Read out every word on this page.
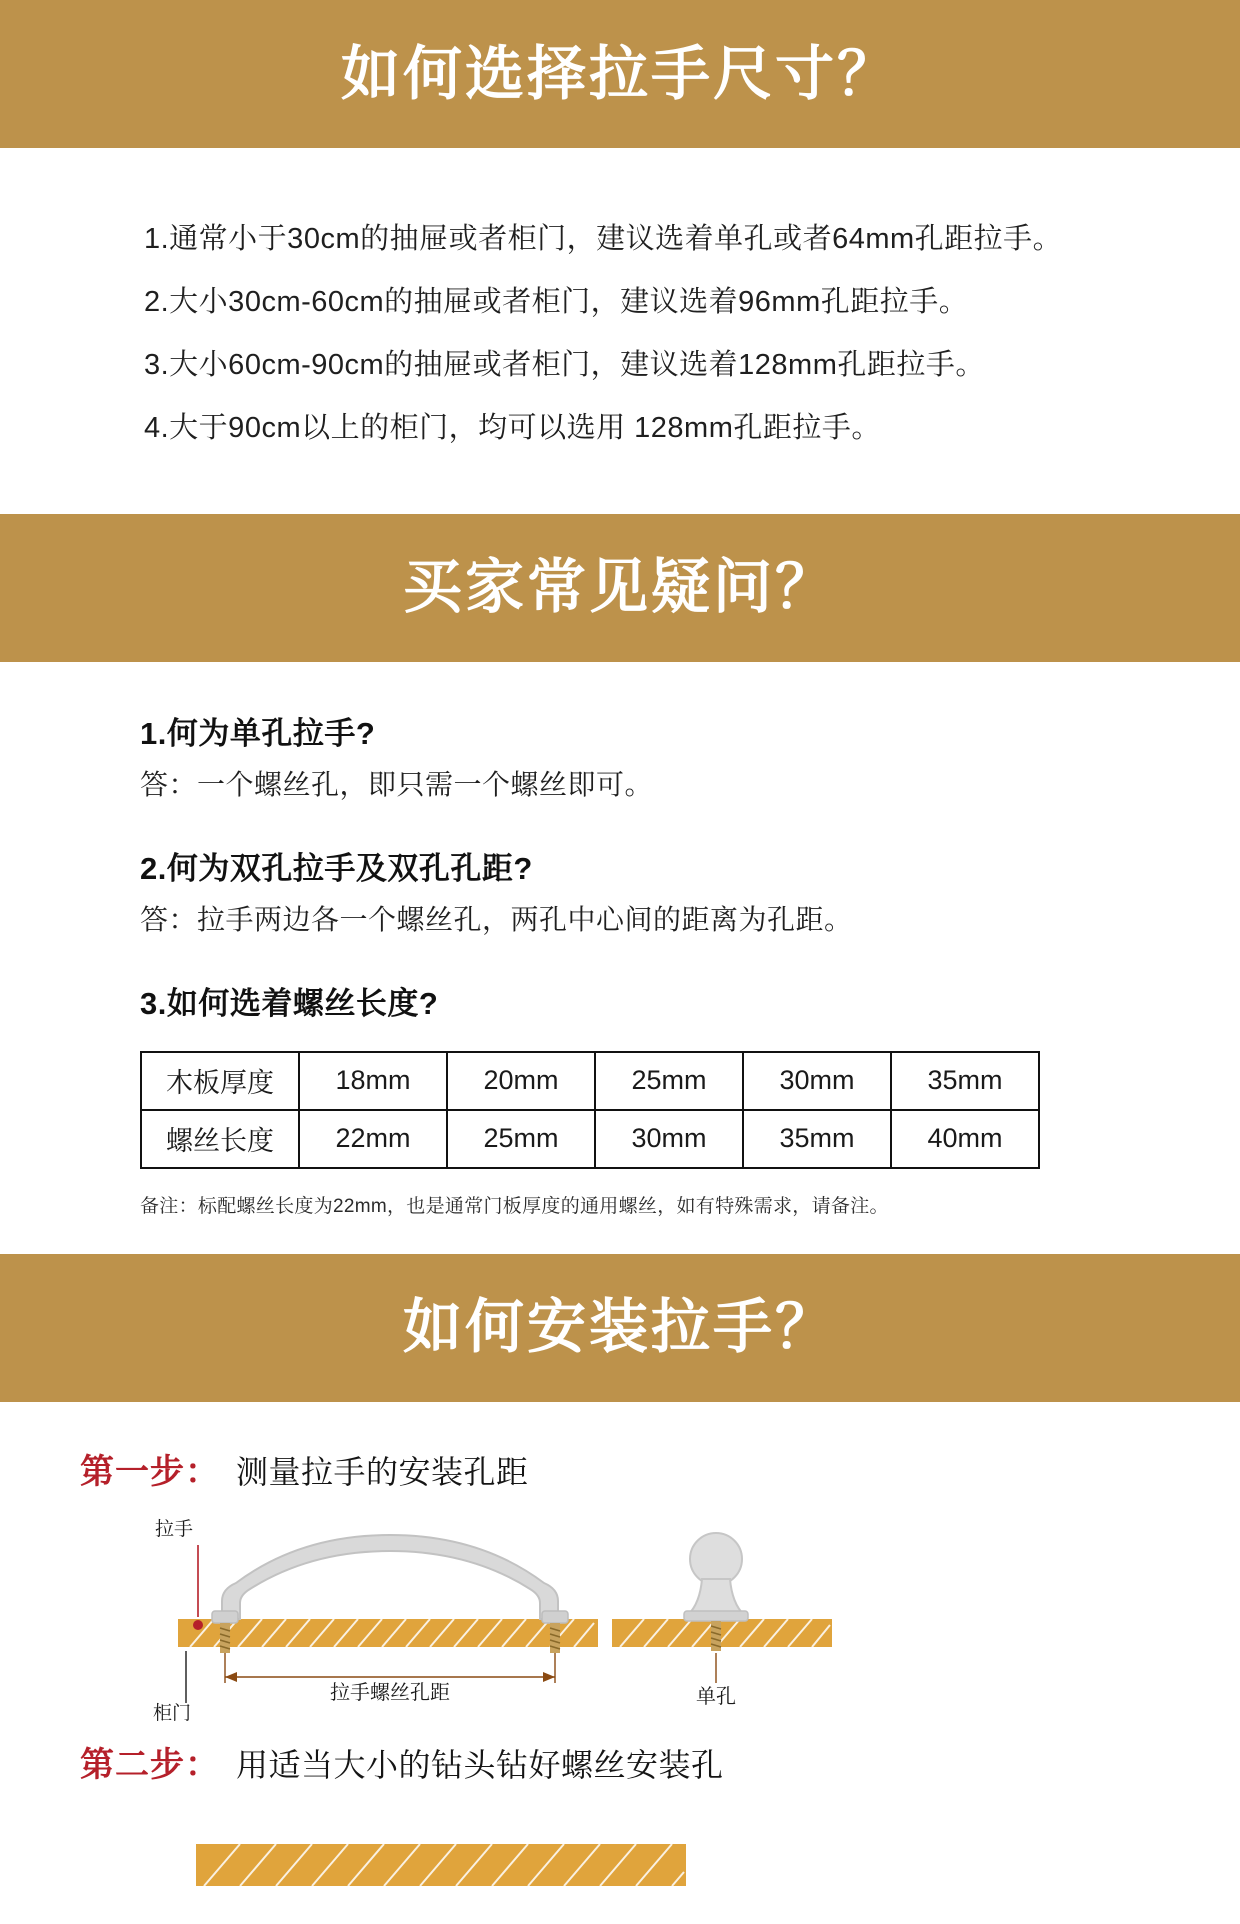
如何选择拉手尺寸？
1.通常小于30cm的抽屉或者柜门，建议选着单孔或者64mm孔距拉手。
2.大小30cm-60cm的抽屉或者柜门，建议选着96mm孔距拉手。
3.大小60cm-90cm的抽屉或者柜门，建议选着128mm孔距拉手。
4.大于90cm以上的柜门，均可以选用 128mm孔距拉手。
买家常见疑问？
1.何为单孔拉手?
答：一个螺丝孔，即只需一个螺丝即可。
2.何为双孔拉手及双孔孔距?
答：拉手两边各一个螺丝孔，两孔中心间的距离为孔距。
3.如何选着螺丝长度?
木板厚度	18mm	20mm	25mm	30mm	35mm
螺丝长度	22mm	25mm	30mm	35mm	40mm
备注：标配螺丝长度为22mm，也是通常门板厚度的通用螺丝，如有特殊需求，请备注。
如何安装拉手？
第一步： 测量拉手的安装孔距
拉手
柜门
拉手螺丝孔距	单孔
第二步： 用适当大小的钻头钻好螺丝安装孔
